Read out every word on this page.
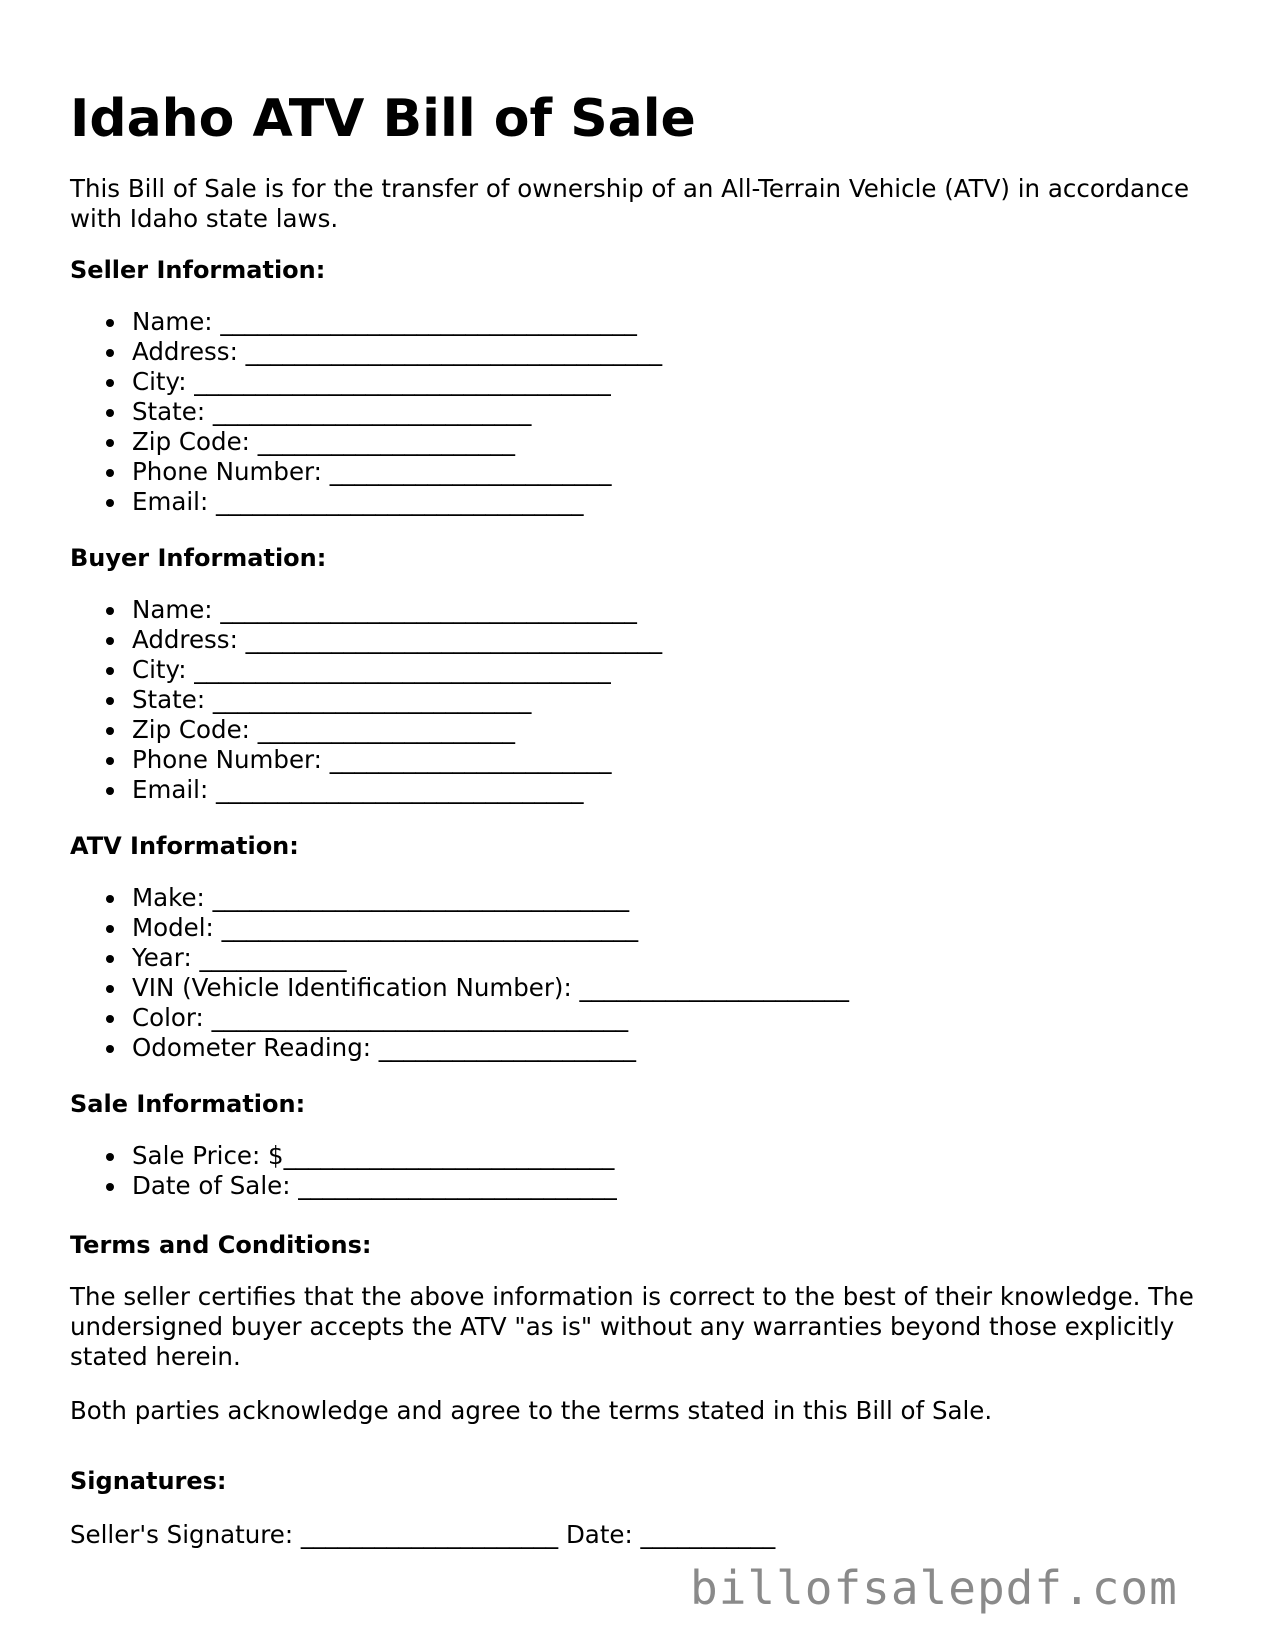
Idaho ATV Bill of Sale

This Bill of Sale is for the transfer of ownership of an All-Terrain Vehicle (ATV) in accordance with Idaho state laws.

Seller Information:
Name: __________________________________
Address: __________________________________
City: __________________________________
State: __________________________
Zip Code: _____________________
Phone Number: _______________________
Email: ______________________________
Buyer Information:
Name: __________________________________
Address: __________________________________
City: __________________________________
State: __________________________
Zip Code: _____________________
Phone Number: _______________________
Email: ______________________________
ATV Information:
Make: __________________________________
Model: __________________________________
Year: ____________
VIN (Vehicle Identification Number): ______________________
Color: __________________________________
Odometer Reading: _____________________
Sale Information:
Sale Price: $___________________________
Date of Sale: __________________________
Terms and Conditions:

The seller certifies that the above information is correct to the best of their knowledge. The undersigned buyer accepts the ATV "as is" without any warranties beyond those explicitly stated herein.

Both parties acknowledge and agree to the terms stated in this Bill of Sale.

Signatures:
Seller's Signature: _____________________ Date: ___________
billofsalepdf.com
